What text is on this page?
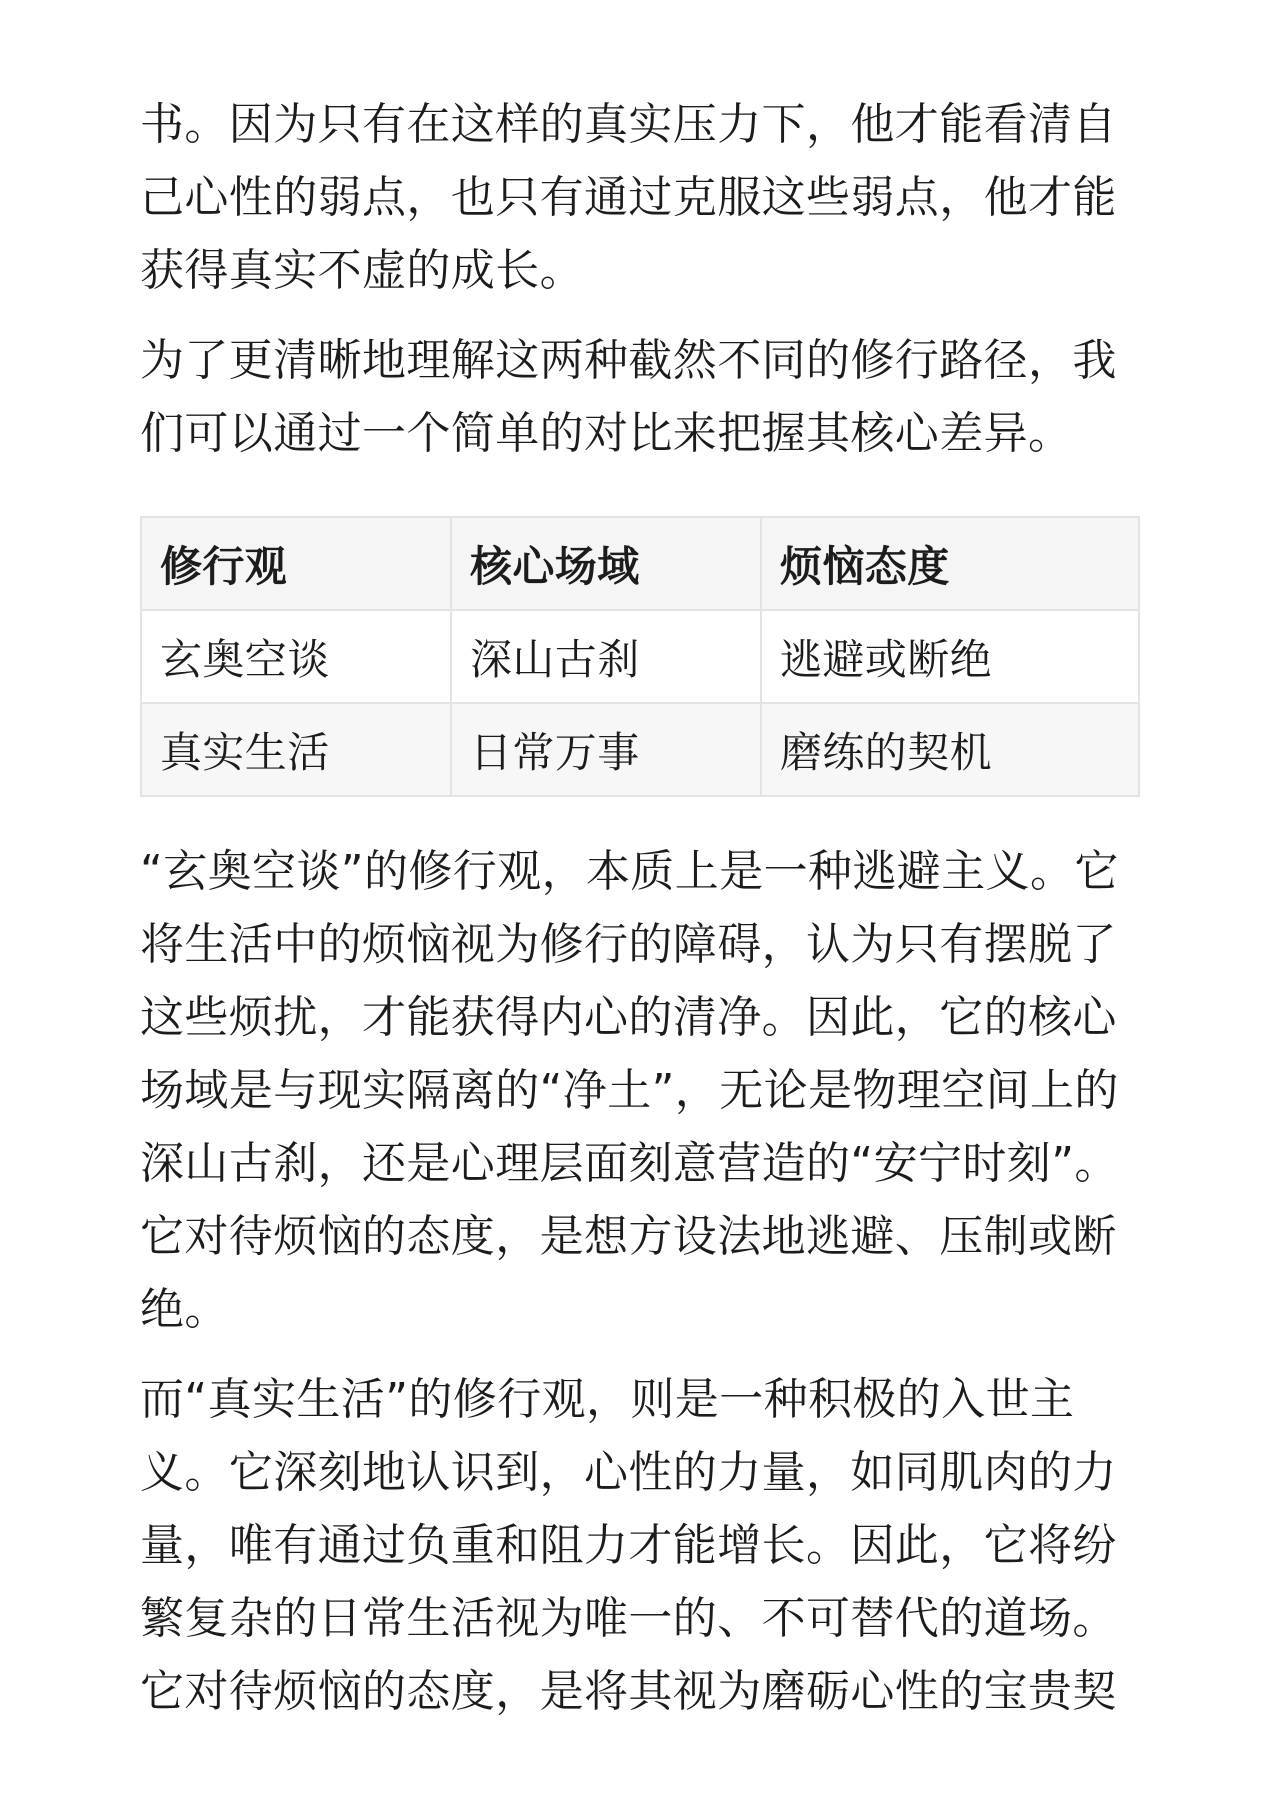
书。因为只有在这样的真实压力下，他才能看清自己心性的弱点，也只有通过克服这些弱点，他才能获得真实不虚的成长。

为了更清晰地理解这两种截然不同的修行路径，我们可以通过一个简单的对比来把握其核心差异。

修行观	核心场域	烦恼态度
玄奥空谈	深山古刹	逃避或断绝
真实生活	日常万事	磨练的契机

“玄奥空谈”的修行观，本质上是一种逃避主义。它将生活中的烦恼视为修行的障碍，认为只有摆脱了这些烦扰，才能获得内心的清净。因此，它的核心场域是与现实隔离的“净土”，无论是物理空间上的深山古刹，还是心理层面刻意营造的“安宁时刻”。它对待烦恼的态度，是想方设法地逃避、压制或断绝。

而“真实生活”的修行观，则是一种积极的入世主义。它深刻地认识到，心性的力量，如同肌肉的力量，唯有通过负重和阻力才能增长。因此，它将纷繁复杂的日常生活视为唯一的、不可替代的道场。它对待烦恼的态度，是将其视为磨砺心性的宝贵契
